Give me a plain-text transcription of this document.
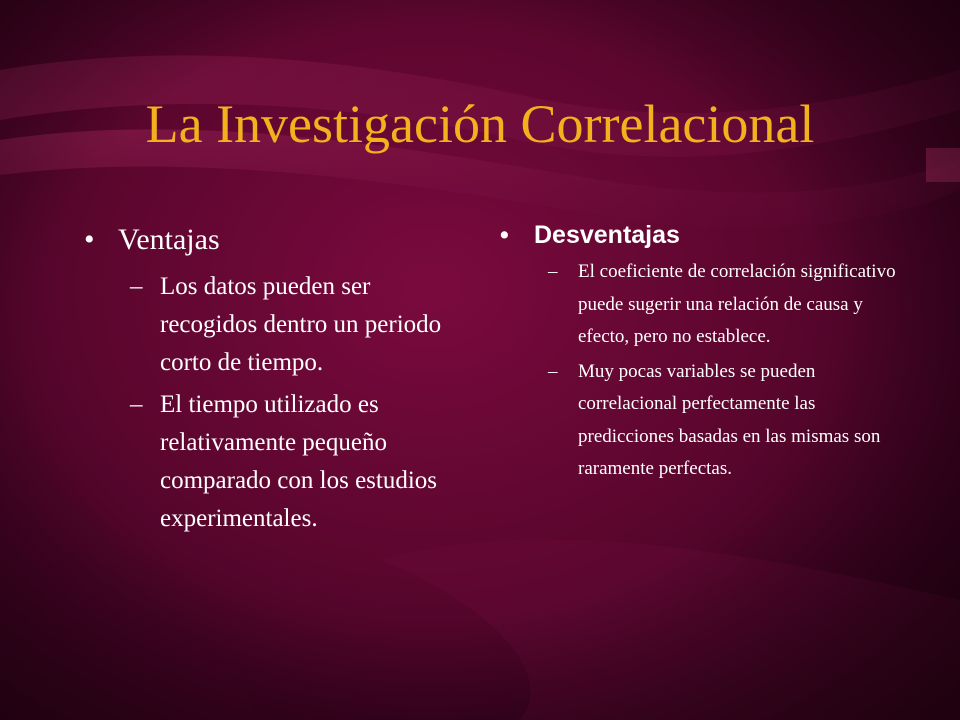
La Investigación Correlacional
• Ventajas
– Los datos pueden ser recogidos dentro un periodo corto de tiempo.
– El tiempo utilizado es relativamente pequeño comparado con los estudios experimentales.
•	Desventajas
–	El coeficiente de correlación significativo puede sugerir una relación de causa y efecto, pero no establece.
–	Muy pocas variables se pueden correlacional perfectamente las predicciones basadas en las mismas son raramente perfectas.
